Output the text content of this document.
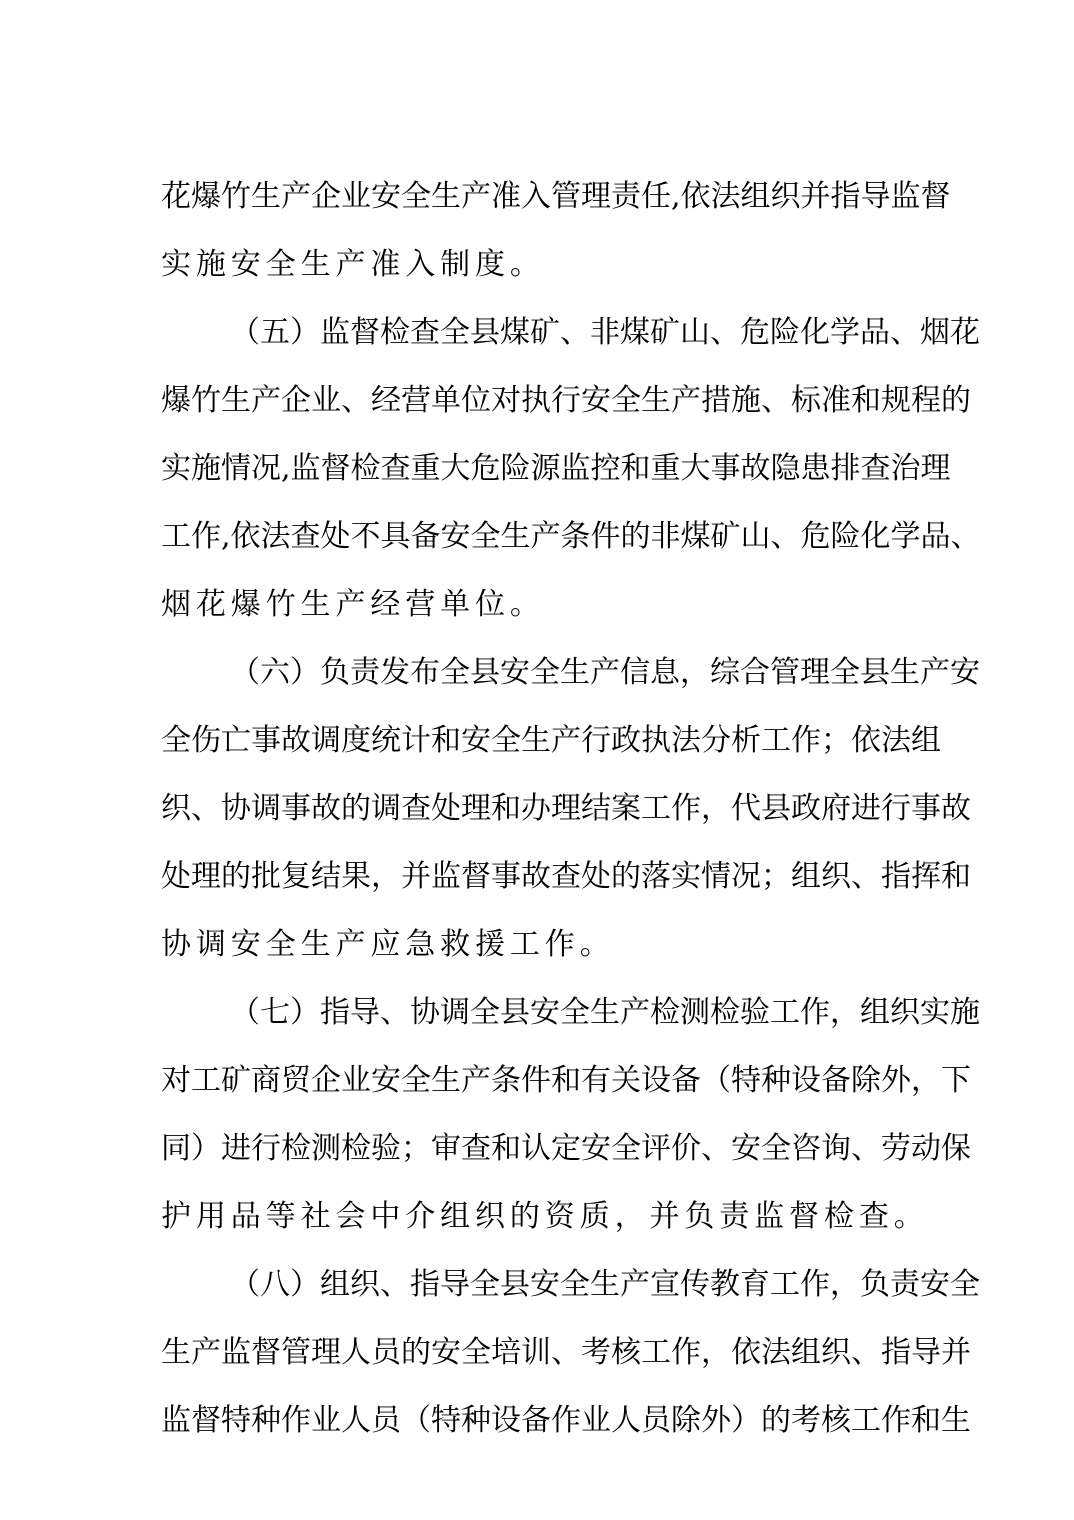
花 爆 竹 生 产 企 业 安 全 生 产 准 入 管 理 责 任 , 依 法 组 织 并 指 导 监 督
实 施 安 全 生 产 准 入 制 度 。
（ 五 ） 监 督 检 查 全 县 煤 矿 、 非 煤 矿 山 、 危 险 化 学 品 、 烟 花
爆 竹 生 产 企 业 、 经 营 单 位 对 执 行 安 全 生 产 措 施 、 标 准 和 规 程 的
实 施 情 况 , 监 督 检 查 重 大 危 险 源 监 控 和 重 大 事 故 隐 患 排 查 治 理
工 作 , 依 法 查 处 不 具 备 安 全 生 产 条 件 的 非 煤 矿 山 、 危 险 化 学 品 、
烟 花 爆 竹 生 产 经 营 单 位 。
（ 六 ） 负 责 发 布 全 县 安 全 生 产 信 息 ， 综 合 管 理 全 县 生 产 安
全 伤 亡 事 故 调 度 统 计 和 安 全 生 产 行 政 执 法 分 析 工 作 ； 依 法 组
织 、 协 调 事 故 的 调 查 处 理 和 办 理 结 案 工 作 ， 代 县 政 府 进 行 事 故
处 理 的 批 复 结 果 ， 并 监 督 事 故 查 处 的 落 实 情 况 ； 组 织 、 指 挥 和
协 调 安 全 生 产 应 急 救 援 工 作 。
（ 七 ） 指 导 、 协 调 全 县 安 全 生 产 检 测 检 验 工 作 ， 组 织 实 施
对 工 矿 商 贸 企 业 安 全 生 产 条 件 和 有 关 设 备 （ 特 种 设 备 除 外 ， 下
同 ） 进 行 检 测 检 验 ； 审 查 和 认 定 安 全 评 价 、 安 全 咨 询 、 劳 动 保
护 用 品 等 社 会 中 介 组 织 的 资 质 ， 并 负 责 监 督 检 查 。
（ 八 ） 组 织 、 指 导 全 县 安 全 生 产 宣 传 教 育 工 作 ， 负 责 安 全
生 产 监 督 管 理 人 员 的 安 全 培 训 、 考 核 工 作 ， 依 法 组 织 、 指 导 并
监 督 特 种 作 业 人 员 （ 特 种 设 备 作 业 人 员 除 外 ） 的 考 核 工 作 和 生
